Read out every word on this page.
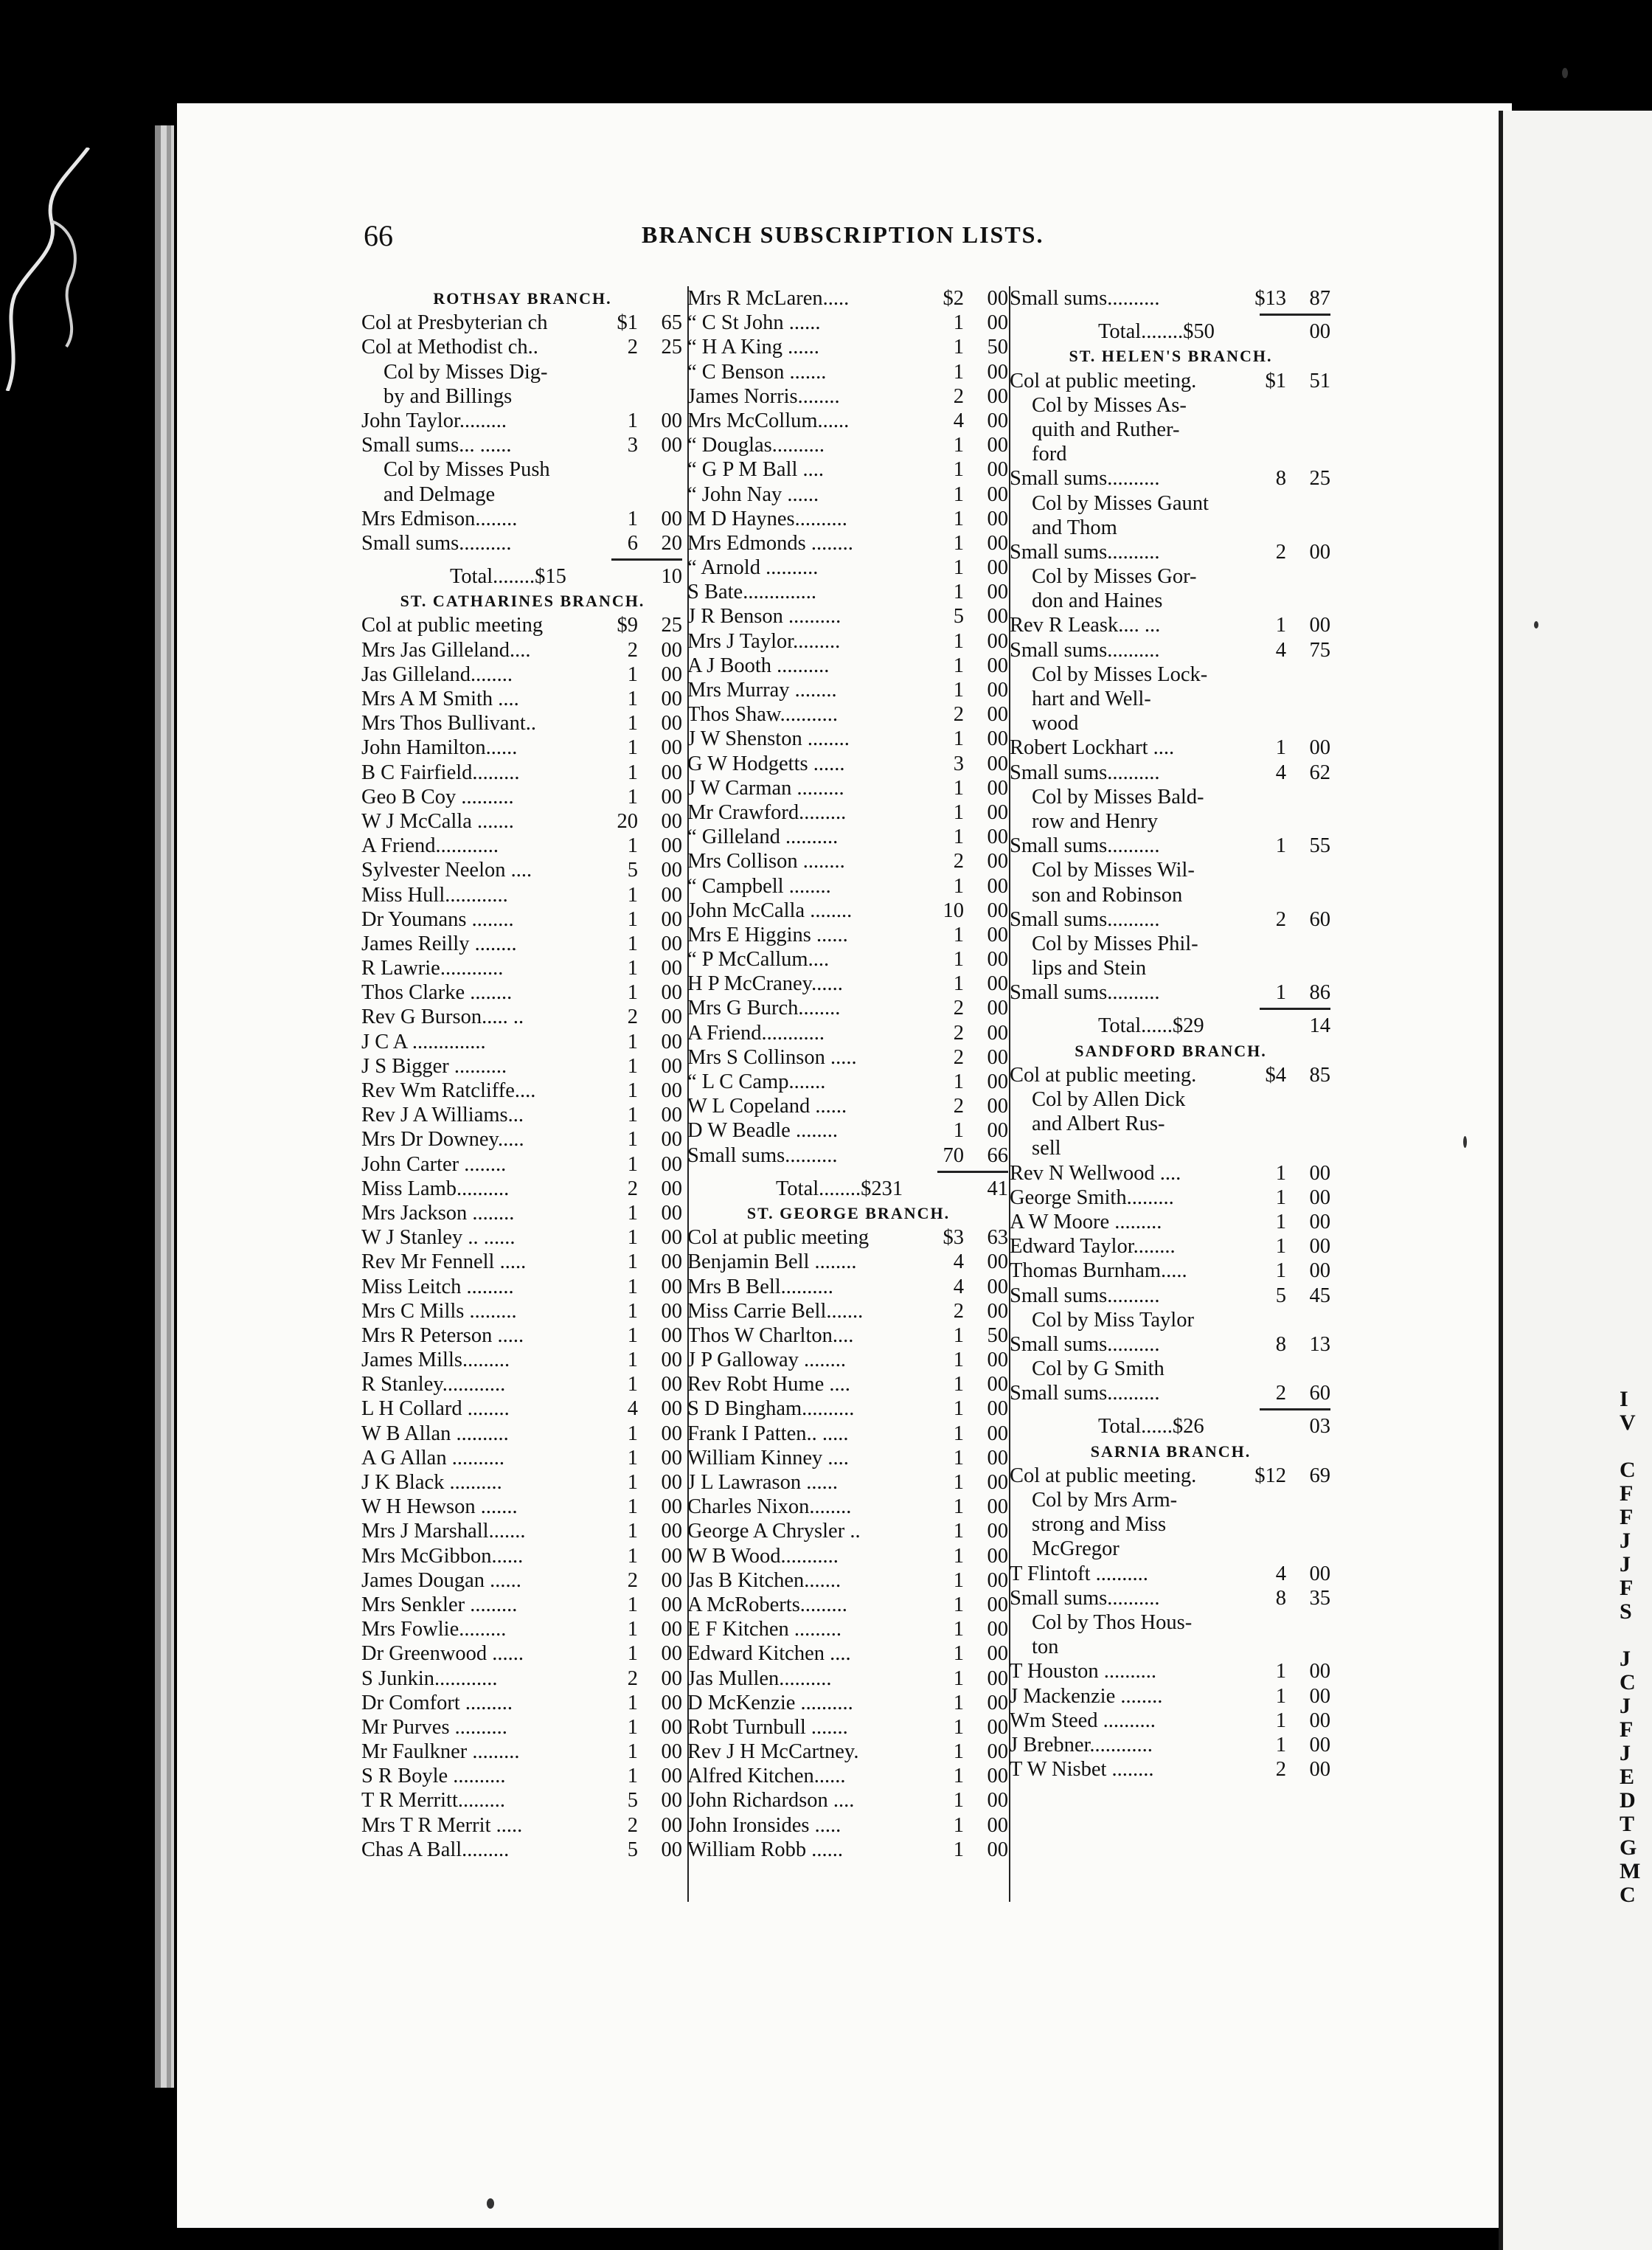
66	BRANCH SUBSCRIPTION LISTS.
ROTHSAY BRANCH.
Col at Presbyterian ch	$1 65
Col at Methodist ch..	2 25
Col by Misses Dig-
by and Billings
John Taylor.........	1 00
Small sums... ......	3 00
Col by Misses Push
and Delmage
Mrs Edmison........	1 00
Small sums..........	6 20
Total........$15	10
ST. CATHARINES BRANCH.
Col at public meeting	$9 25
Mrs Jas Gilleland....	2 00
Jas Gilleland........	1 00
Mrs A M Smith ....	1 00
Mrs Thos Bullivant..	1 00
John Hamilton......	1 00
B C Fairfield.........	1 00
Geo B Coy ..........	1 00
W J McCalla .......	20 00
A Friend............	1 00
Sylvester Neelon ....	5 00
Miss Hull............	1 00
Dr Youmans ........	1 00
James Reilly ........	1 00
R Lawrie............	1 00
Thos Clarke ........	1 00
Rev G Burson..... ..	2 00
J C A ..............	1 00
J S Bigger ..........	1 00
Rev Wm Ratcliffe....	1 00
Rev J A Williams...	1 00
Mrs Dr Downey.....	1 00
John Carter ........	1 00
Miss Lamb..........	2 00
Mrs Jackson ........	1 00
W J Stanley .. ......	1 00
Rev Mr Fennell .....	1 00
Miss Leitch .........	1 00
Mrs C Mills .........	1 00
Mrs R Peterson .....	1 00
James Mills.........	1 00
R Stanley............	1 00
L H Collard ........	4 00
W B Allan ..........	1 00
A G Allan ..........	1 00
J K Black ..........	1 00
W H Hewson .......	1 00
Mrs J Marshall.......	1 00
Mrs McGibbon......	1 00
James Dougan ......	2 00
Mrs Senkler .........	1 00
Mrs Fowlie.........	1 00
Dr Greenwood ......	1 00
S Junkin............	2 00
Dr Comfort .........	1 00
Mr Purves ..........	1 00
Mr Faulkner .........	1 00
S R Boyle ..........	1 00
T R Merritt.........	5 00
Mrs T R Merrit .....	2 00
Chas A Ball.........	5 00
Mrs R McLaren.....	$2 00
“ C St John ......	1 00
“ H A King ......	1 50
“ C Benson .......	1 00
James Norris........	2 00
Mrs McCollum......	4 00
“ Douglas..........	1 00
“ G P M Ball ....	1 00
“ John Nay ......	1 00
M D Haynes..........	1 00
Mrs Edmonds ........	1 00
“ Arnold ..........	1 00
S Bate..............	1 00
J R Benson ..........	5 00
Mrs J Taylor.........	1 00
A J Booth ..........	1 00
Mrs Murray ........	1 00
Thos Shaw...........	2 00
J W Shenston ........	1 00
G W Hodgetts ......	3 00
J W Carman .........	1 00
Mr Crawford.........	1 00
“ Gilleland ..........	1 00
Mrs Collison ........	2 00
“ Campbell ........	1 00
John McCalla ........	10 00
Mrs E Higgins ......	1 00
“ P McCallum....	1 00
H P McCraney......	1 00
Mrs G Burch........	2 00
A Friend............	2 00
Mrs S Collinson .....	2 00
“ L C Camp.......	1 00
W L Copeland ......	2 00
D W Beadle ........	1 00
Small sums..........	70 66
Total........$231	41
ST. GEORGE BRANCH.
Col at public meeting	$3 63
Benjamin Bell ........	4 00
Mrs B Bell..........	4 00
Miss Carrie Bell.......	2 00
Thos W Charlton....	1 50
J P Galloway ........	1 00
Rev Robt Hume ....	1 00
S D Bingham..........	1 00
Frank I Patten.. .....	1 00
William Kinney ....	1 00
J L Lawrason ......	1 00
Charles Nixon........	1 00
George A Chrysler ..	1 00
W B Wood...........	1 00
Jas B Kitchen.......	1 00
A McRoberts.........	1 00
E F Kitchen .........	1 00
Edward Kitchen ....	1 00
Jas Mullen..........	1 00
D McKenzie ..........	1 00
Robt Turnbull .......	1 00
Rev J H McCartney.	1 00
Alfred Kitchen......	1 00
John Richardson ....	1 00
John Ironsides .....	1 00
William Robb ......	1 00
Small sums..........	$13 87
Total........$50	00
ST. HELEN'S BRANCH.
Col at public meeting.	$1 51
Col by Misses As-
quith and Ruther-
ford
Small sums..........	8 25
Col by Misses Gaunt
and Thom
Small sums..........	2 00
Col by Misses Gor-
don and Haines
Rev R Leask.... ...	1 00
Small sums..........	4 75
Col by Misses Lock-
hart and Well-
wood
Robert Lockhart ....	1 00
Small sums..........	4 62
Col by Misses Bald-
row and Henry
Small sums..........	1 55
Col by Misses Wil-
son and Robinson
Small sums..........	2 60
Col by Misses Phil-
lips and Stein
Small sums..........	1 86
Total......$29	14
SANDFORD BRANCH.
Col at public meeting.	$4 85
Col by Allen Dick
and Albert Rus-
sell
Rev N Wellwood ....	1 00
George Smith.........	1 00
A W Moore .........	1 00
Edward Taylor........	1 00
Thomas Burnham.....	1 00
Small sums..........	5 45
Col by Miss Taylor
Small sums..........	8 13
Col by G Smith
Small sums..........	2 60
Total......$26	03
SARNIA BRANCH.
Col at public meeting.	$12 69
Col by Mrs Arm-
strong and Miss
McGregor
T Flintoft ..........	4 00
Small sums..........	8 35
Col by Thos Hous-
ton
T Houston ..........	1 00
J Mackenzie ........	1 00
Wm Steed ..........	1 00
J Brebner............	1 00
T W Nisbet ........	2 00
I
V
C
F
F
J
J
F
S
J
C
J
F
J
E
D
T
G
M
C
